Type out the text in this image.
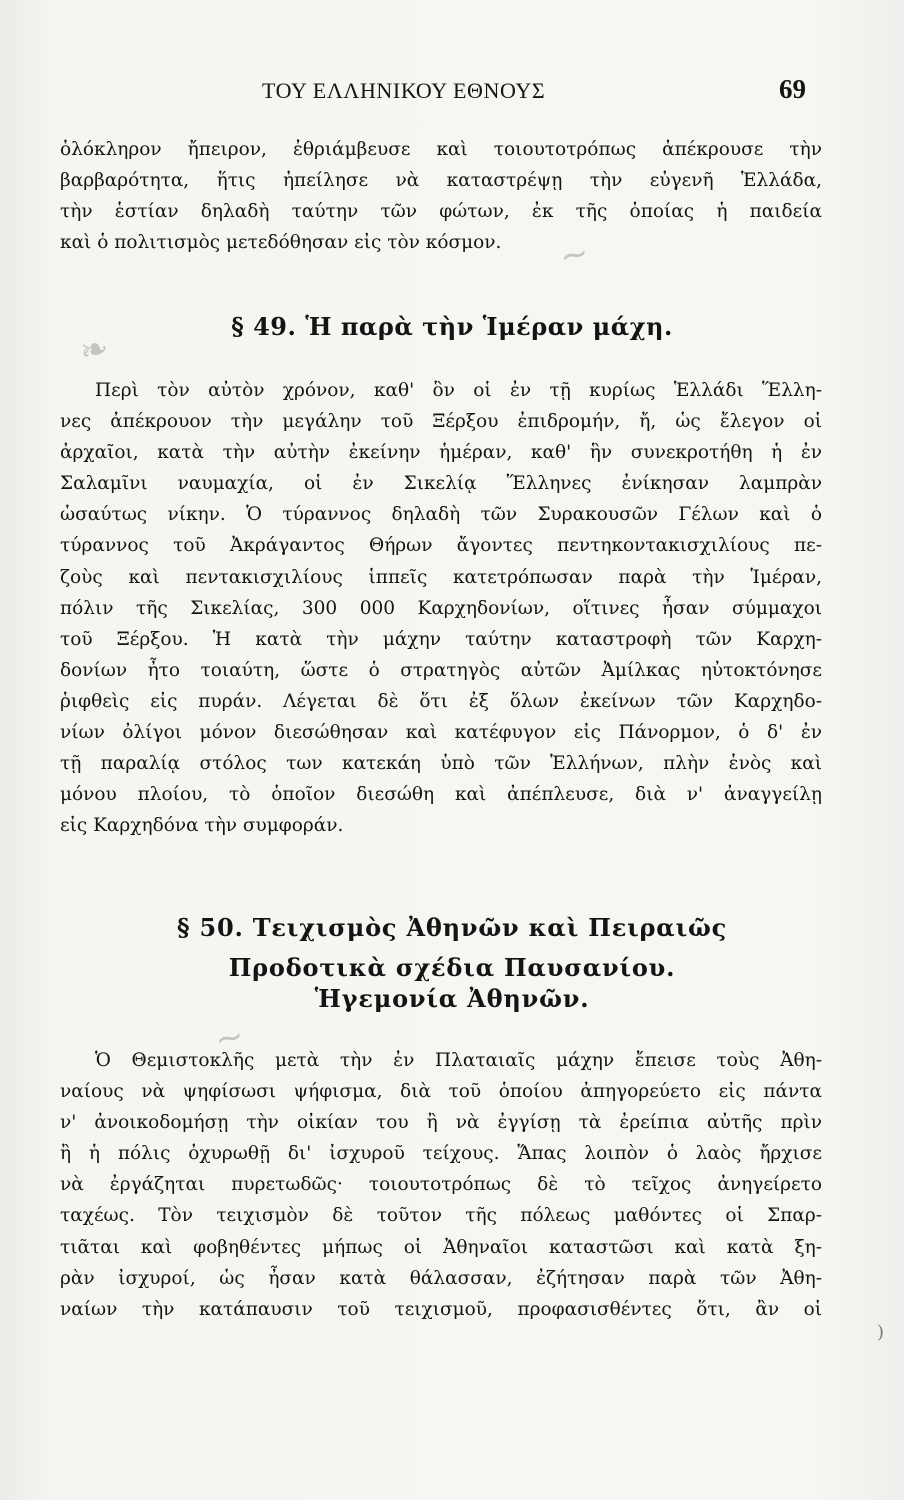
ΤΟΥ ΕΛΛΗΝΙΚΟΥ ΕΘΝΟΥΣ	69
ὁλόκληρον ἤπειρον, ἐθριάμβευσε καὶ τοιουτοτρόπως ἀπέκρουσε τὴν
βαρβαρότητα, ἥτις ἠπείλησε νὰ καταστρέψῃ τὴν εὐγενῆ Ἑλλάδα,
τὴν ἑστίαν δηλαδὴ ταύτην τῶν φώτων, ἐκ τῆς ὁποίας ἡ παιδεία
καὶ ὁ πολιτισμὸς μετεδόθησαν εἰς τὸν κόσμον.
§ 49. Ἡ παρὰ τὴν Ἱμέραν μάχη.
Περὶ τὸν αὐτὸν χρόνον, καθ' ὃν οἱ ἐν τῇ κυρίως Ἑλλάδι Ἕλλη-
νες ἀπέκρουον τὴν μεγάλην τοῦ Ξέρξου ἐπιδρομήν, ἤ, ὡς ἔλεγον οἱ
ἀρχαῖοι, κατὰ τὴν αὐτὴν ἐκείνην ἡμέραν, καθ' ἣν συνεκροτήθη ἡ ἐν
Σαλαμῖνι ναυμαχία, οἱ ἐν Σικελίᾳ Ἕλληνες ἐνίκησαν λαμπρὰν
ὡσαύτως νίκην. Ὁ τύραννος δηλαδὴ τῶν Συρακουσῶν Γέλων καὶ ὁ
τύραννος τοῦ Ἀκράγαντος Θήρων ἄγοντες πεντηκοντακισχιλίους πε-
ζοὺς καὶ πεντακισχιλίους ἱππεῖς κατετρόπωσαν παρὰ τὴν Ἱμέραν,
πόλιν τῆς Σικελίας, 300 000 Καρχηδονίων, οἵτινες ἦσαν σύμμαχοι
τοῦ Ξέρξου. Ἡ κατὰ τὴν μάχην ταύτην καταστροφὴ τῶν Καρχη-
δονίων ἦτο τοιαύτη, ὥστε ὁ στρατηγὸς αὐτῶν Ἀμίλκας ηὐτοκτόνησε
ῥιφθεὶς εἰς πυράν. Λέγεται δὲ ὅτι ἐξ ὅλων ἐκείνων τῶν Καρχηδο-
νίων ὀλίγοι μόνον διεσώθησαν καὶ κατέφυγον εἰς Πάνορμον, ὁ δ' ἐν
τῇ παραλίᾳ στόλος των κατεκάη ὑπὸ τῶν Ἑλλήνων, πλὴν ἑνὸς καὶ
μόνου πλοίου, τὸ ὁποῖον διεσώθη καὶ ἀπέπλευσε, διὰ ν' ἀναγγείλῃ
εἰς Καρχηδόνα τὴν συμφοράν.
§ 50. Τειχισμὸς Ἀθηνῶν καὶ Πειραιῶς
Προδοτικὰ σχέδια Παυσανίου.
Ἡγεμονία Ἀθηνῶν.
Ὁ Θεμιστοκλῆς μετὰ τὴν ἐν Πλαταιαῖς μάχην ἔπεισε τοὺς Ἀθη-
ναίους νὰ ψηφίσωσι ψήφισμα, διὰ τοῦ ὁποίου ἀπηγορεύετο εἰς πάντα
ν' ἀνοικοδομήσῃ τὴν οἰκίαν του ἢ νὰ ἐγγίσῃ τὰ ἐρείπια αὐτῆς πρὶν
ἢ ἡ πόλις ὀχυρωθῇ δι' ἰσχυροῦ τείχους. Ἅπας λοιπὸν ὁ λαὸς ἤρχισε
νὰ ἐργάζηται πυρετωδῶς· τοιουτοτρόπως δὲ τὸ τεῖχος ἀνηγείρετο
ταχέως. Τὸν τειχισμὸν δὲ τοῦτον τῆς πόλεως μαθόντες οἱ Σπαρ-
τιᾶται καὶ φοβηθέντες μήπως οἱ Ἀθηναῖοι καταστῶσι καὶ κατὰ ξη-
ρὰν ἰσχυροί, ὡς ἦσαν κατὰ θάλασσαν, ἐζήτησαν παρὰ τῶν Ἀθη-
ναίων τὴν κατάπαυσιν τοῦ τειχισμοῦ, προφασισθέντες ὅτι, ἂν οἱ
❧
~
~
)
